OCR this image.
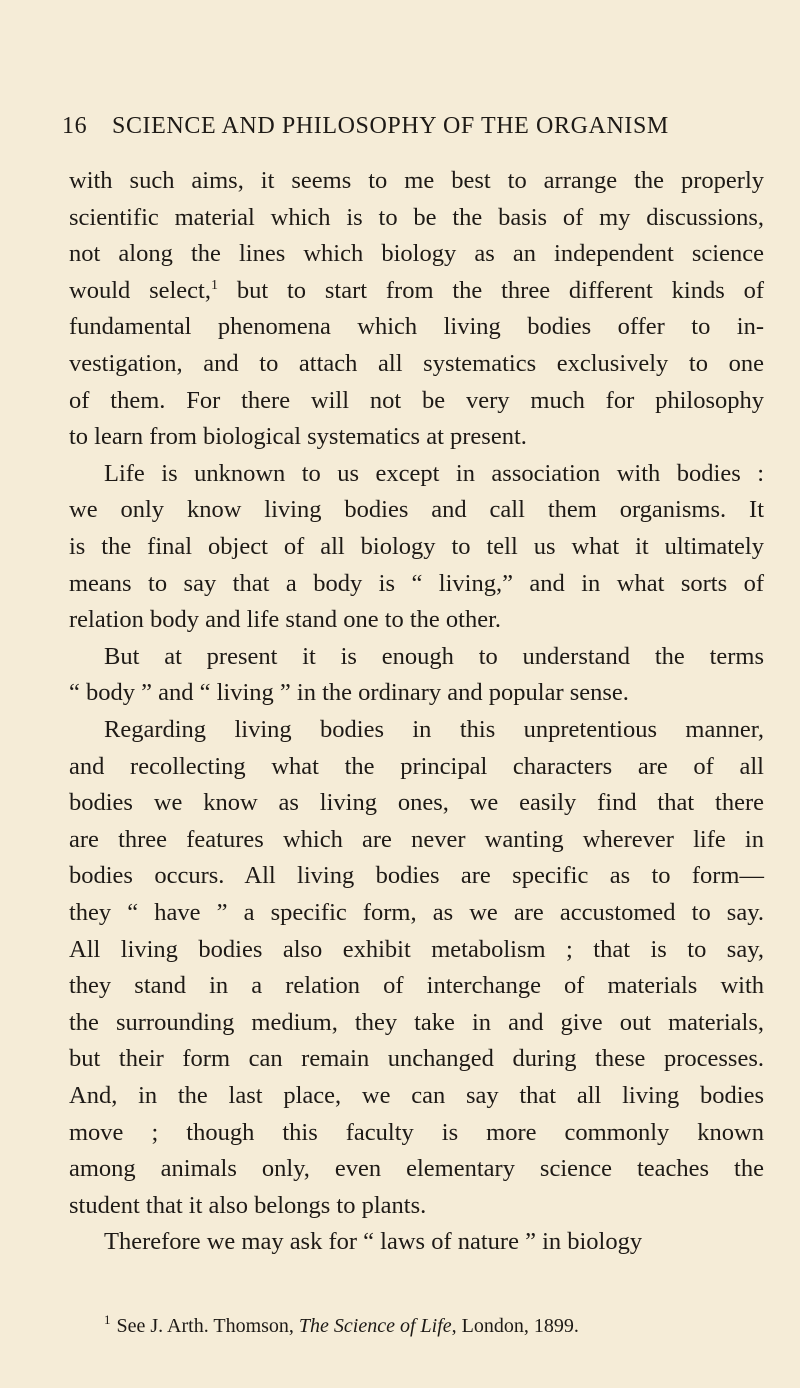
16 SCIENCE AND PHILOSOPHY OF THE ORGANISM
with such aims, it seems to me best to arrange the properly
scientific material which is to be the basis of my discussions,
not along the lines which biology as an independent science
would select,$^1$ but to start from the three different kinds of
fundamental phenomena which living bodies offer to in-
vestigation, and to attach all systematics exclusively to one
of them. For there will not be very much for philosophy
to learn from biological systematics at present.
Life is unknown to us except in association with bodies :
we only know living bodies and call them organisms. It
is the final object of all biology to tell us what it ultimately
means to say that a body is “ living,” and in what sorts of
relation body and life stand one to the other.
But at present it is enough to understand the terms
“ body ” and “ living ” in the ordinary and popular sense.
Regarding living bodies in this unpretentious manner,
and recollecting what the principal characters are of all
bodies we know as living ones, we easily find that there
are three features which are never wanting wherever life in
bodies occurs. All living bodies are specific as to form—
they “ have ” a specific form, as we are accustomed to say.
All living bodies also exhibit metabolism ; that is to say,
they stand in a relation of interchange of materials with
the surrounding medium, they take in and give out materials,
but their form can remain unchanged during these processes.
And, in the last place, we can say that all living bodies
move ; though this faculty is more commonly known
among animals only, even elementary science teaches the
student that it also belongs to plants.
Therefore we may ask for “ laws of nature ” in biology
$^1$ See J. Arth. Thomson, The Science of Life, London, 1899.
